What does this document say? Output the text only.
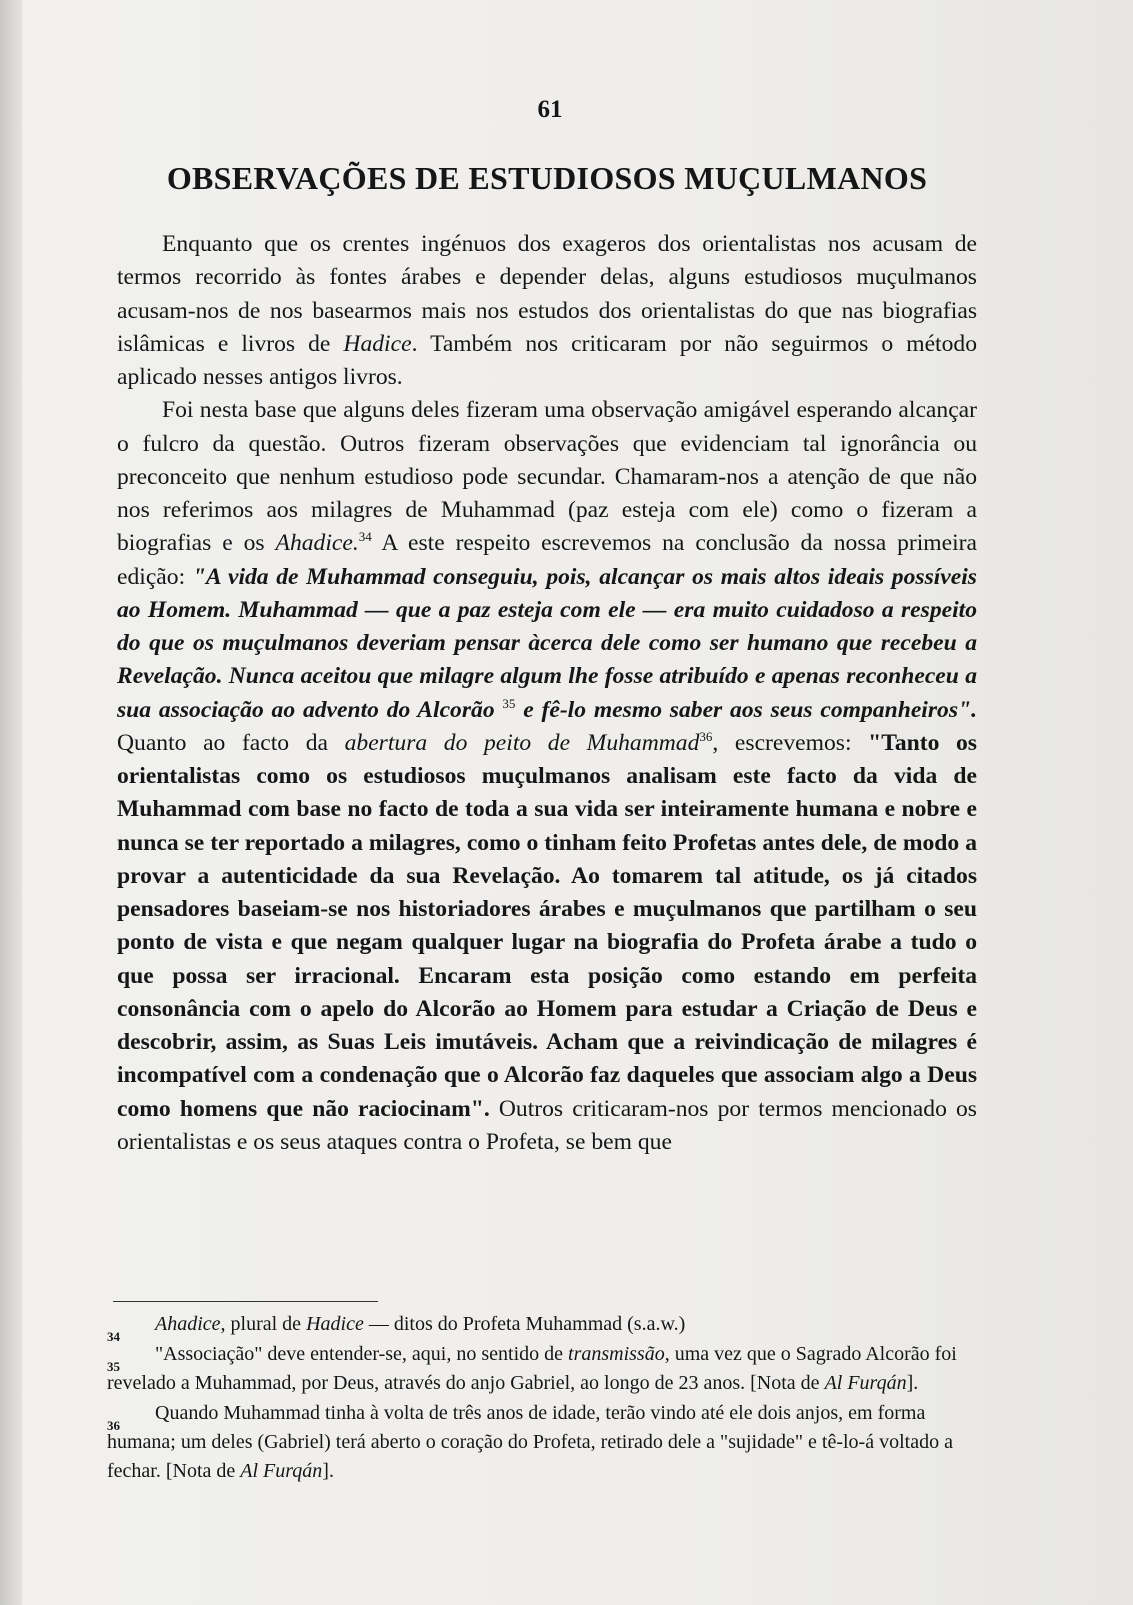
61
OBSERVAÇÕES DE ESTUDIOSOS MUÇULMANOS

Enquanto que os crentes ingénuos dos exageros dos orientalistas nos acusam de termos recorrido às fontes árabes e depender delas, alguns estudiosos muçulmanos acusam-nos de nos basearmos mais nos estudos dos orientalistas do que nas biografias islâmicas e livros de Hadice. Também nos criticaram por não seguirmos o método aplicado nesses antigos livros.

Foi nesta base que alguns deles fizeram uma observação amigável esperando alcançar o fulcro da questão. Outros fizeram observações que evidenciam tal ignorância ou preconceito que nenhum estudioso pode secundar. Chamaram-nos a atenção de que não nos referimos aos milagres de Muhammad (paz esteja com ele) como o fizeram a biografias e os Ahadice.$^{34}$ A este respeito escrevemos na conclusão da nossa primeira edição: "A vida de Muhammad conseguiu, pois, alcançar os mais altos ideais possíveis ao Homem. Muhammad — que a paz esteja com ele — era muito cuidadoso a respeito do que os muçulmanos deveriam pensar àcerca dele como ser humano que recebeu a Revelação. Nunca aceitou que milagre algum lhe fosse atribuído e apenas reconheceu a sua associação ao advento do Alcorão $^{35}$ e fê-lo mesmo saber aos seus companheiros". Quanto ao facto da abertura do peito de Muhammad$^{36}$, escrevemos: "Tanto os orientalistas como os estudiosos muçulmanos analisam este facto da vida de Muhammad com base no facto de toda a sua vida ser inteiramente humana e nobre e nunca se ter reportado a milagres, como o tinham feito Profetas antes dele, de modo a provar a autenticidade da sua Revelação. Ao tomarem tal atitude, os já citados pensadores baseiam-se nos historiadores árabes e muçulmanos que partilham o seu ponto de vista e que negam qualquer lugar na biografia do Profeta árabe a tudo o que possa ser irracional. Encaram esta posição como estando em perfeita consonância com o apelo do Alcorão ao Homem para estudar a Criação de Deus e descobrir, assim, as Suas Leis imutáveis. Acham que a reivindicação de milagres é incompatível com a condenação que o Alcorão faz daqueles que associam algo a Deus como homens que não raciocinam". Outros criticaram-nos por termos mencionado os orientalistas e os seus ataques contra o Profeta, se bem que

34
Ahadice, plural de Hadice — ditos do Profeta Muhammad (s.a.w.)

35
"Associação" deve entender-se, aqui, no sentido de transmissão, uma vez que o Sagrado Alcorão foi revelado a Muhammad, por Deus, através do anjo Gabriel, ao longo de 23 anos. [Nota de Al Furqán].

36
Quando Muhammad tinha à volta de três anos de idade, terão vindo até ele dois anjos, em forma humana; um deles (Gabriel) terá aberto o coração do Profeta, retirado dele a "sujidade" e tê-lo-á voltado a fechar. [Nota de Al Furqán].
